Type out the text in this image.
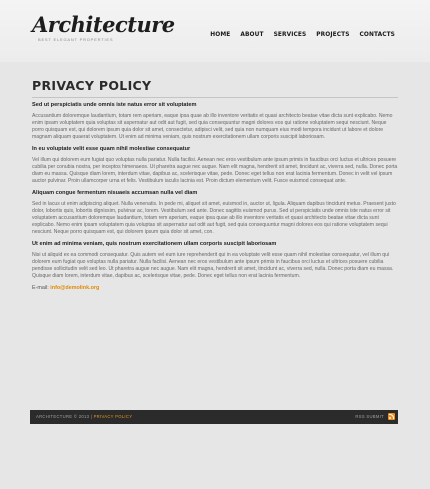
Architecture
BEST ELEGANT PROPERTIES
HOME ABOUT SERVICES PROJECTS CONTACTS
PRIVACY POLICY
Sed ut perspiciatis unde omnis iste natus error sit voluptatem
Accusantium doloremque laudantium, totam rem aperiam, eaque ipsa quae ab illo inventore veritatis et quasi architecto beatae vitae dicta sunt explicabo. Nemo enim ipsam voluptatem quia voluptas sit aspernatur aut odit aut fugit, sed quia consequuntur magni dolores eos qui ratione voluptatem sequi nesciunt. Neque porro quisquam est, qui dolorem ipsum quia dolor sit amet, consectetur, adipisci velit, sed quia non numquam eius modi tempora incidunt ut labore et dolore magnam aliquam quaerat voluptatem. Ut enim ad minima veniam, quis nostrum exercitationem ullam corporis suscipit laboriosam.
In eu voluptate velit esse quam nihil molestiae consequatur
Vel illum qui dolorem eum fugiat quo voluptas nulla pariatur. Nulla facilisi. Aenean nec eros vestibulum ante ipsum primis in faucibus orci luctus et ultrices posuere cubilia per conubia nostra, per inceptos himenaeos. Ut pharetra augue nec augue. Nam elit magna, hendrerit sit amet, tincidunt ac, viverra sed, nulla. Donec porta diam eu massa. Quisque diam lorem, interdum vitae, dapibus ac, scelerisque vitae, pede. Donec eget tellus non erat lacinia fermentum. Donec in velit vel ipsum auctor pulvinar. Proin ullamcorper urna et felis. Vestibulum iaculis lacinia est. Proin dictum elementum velit. Fusce euismod consequat ante.
Aliquam congue fermentum nisuaeis accumsan nulla vel diam
Sed in lacus ut enim adipiscing aliquet. Nulla venenatis. In pede mi, aliquet sit amet, euismod in, auctor ut, ligula. Aliquam dapibus tincidunt metus. Praesent justo dolor, lobortis quis, lobortis dignissim, pulvinar ac, lorem. Vestibulum sed ante. Donec sagittis euismod purus. Sed ut perspiciatis unde omnis iste natus error sit voluptatem accusantium doloremque laudantium, totam rem aperiam, eaque ipsa quae ab illo inventore veritatis et quasi architecto beatae vitae dicta sunt explicabo. Nemo enim ipsam voluptatem quia voluptas sit aspernatur aut odit aut fugit, sed quia consequuntur magni dolores eos qui ratione voluptatem sequi nesciunt. Neque porro quisquam est, qui dolorem ipsum quia dolor sit amet, con.
Ut enim ad minima veniam, quis nostrum exercitationem ullam corporis suscipit laboriosam
Nisi ut aliquid ex ea commodi consequatur. Quis autem vel eum iure reprehenderit qui in ea voluptate velit esse quam nihil molestiae consequatur, vel illum qui dolorem eum fugiat quo voluptas nulla pariatur. Nulla facilisi. Aenean nec eros vestibulum ante ipsum primis in faucibus orci luctus et ultrices posuere cubilia pendisse sollicitudin velit sed leo. Ut pharetra augue nec augue. Nam elit magna, hendrerit sit amet, tincidunt ac, viverra sed, nulla. Donec porta diam eu massa. Quisque diam lorem, interdum vitae, dapibus ac, scelerisque vitae, pede. Donec eget tellus non erat lacinia fermentum.
E-mail: info@demolink.org
ARCHITECTURE © 2013 | PRIVACY POLICY	RSS SUBMIT
